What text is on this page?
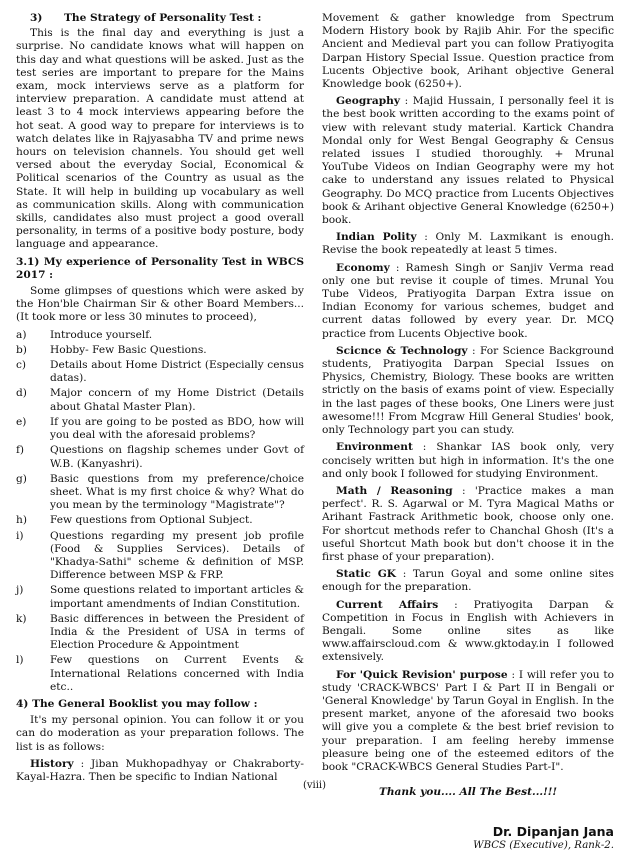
3) The Strategy of Personality Test :

This is the final day and everything is just a surprise. No candidate knows what will happen on this day and what questions will be asked. Just as the test series are important to prepare for the Mains exam, mock interviews serve as a platform for interview preparation. A candidate must attend at least 3 to 4 mock interviews appearing before the hot seat. A good way to prepare for interviews is to watch delates like in Rajyasabha TV and prime news hours on television channels. You should get well versed about the everyday Social, Economical & Political scenarios of the Country as usual as the State. It will help in building up vocabulary as well as communication skills. Along with communication skills, candidates also must project a good overall personality, in terms of a positive body posture, body language and appearance.

3.1) My experience of Personality Test in WBCS 2017 :

Some glimpses of questions which were asked by the Hon'ble Chairman Sir & other Board Members... (It took more or less 30 minutes to proceed),

a)	Introduce yourself.
b)	Hobby- Few Basic Questions.
c)	Details about Home District (Especially census datas).
d)	Major concern of my Home District (Details about Ghatal Master Plan).
e)	If you are going to be posted as BDO, how will you deal with the aforesaid problems?
f)	Questions on flagship schemes under Govt of W.B. (Kanyashri).
g)	Basic questions from my preference/choice sheet. What is my first choice & why? What do you mean by the terminology "Magistrate"?
h)	Few questions from Optional Subject.
i)	Questions regarding my present job profile (Food & Supplies Services). Details of "Khadya-Sathi" scheme & definition of MSP. Difference between MSP & FRP.
j)	Some questions related to important articles & important amendments of Indian Constitution.
k)	Basic differences in between the President of India & the President of USA in terms of Election Procedure & Appointment
l)	Few questions on Current Events & International Relations concerned with India etc..
4) The General Booklist you may follow :

It's my personal opinion. You can follow it or you can do moderation as your preparation follows. The list is as follows:

History : Jiban Mukhopadhyay or Chakraborty-Kayal-Hazra. Then be specific to Indian National

Movement & gather knowledge from Spectrum Modern History book by Rajib Ahir. For the specific Ancient and Medieval part you can follow Pratiyogita Darpan History Special Issue. Question practice from Lucents Objective book, Arihant objective General Knowledge book (6250+).

Geography : Majid Hussain, I personally feel it is the best book written according to the exams point of view with relevant study material. Kartick Chandra Mondal only for West Bengal Geography & Census related issues I studied thoroughly. + Mrunal YouTube Videos on Indian Geography were my hot cake to understand any issues related to Physical Geography. Do MCQ practice from Lucents Objectives book & Arihant objective General Knowledge (6250+) book.

Indian Polity : Only M. Laxmikant is enough. Revise the book repeatedly at least 5 times.

Economy : Ramesh Singh or Sanjiv Verma read only one but revise it couple of times. Mrunal You Tube Videos, Pratiyogita Darpan Extra issue on Indian Economy for various schemes, budget and current datas followed by every year. Dr. MCQ practice from Lucents Objective book.

Scicnce & Technology : For Science Background students, Pratiyogita Darpan Special Issues on Physics, Chemistry, Biology. These books are written strictly on the basis of exams point of view. Especially in the last pages of these books, One Liners were just awesome!!! From Mcgraw Hill General Studies' book, only Technology part you can study.

Environment : Shankar IAS book only, very concisely written but high in information. It's the one and only book I followed for studying Environment.

Math / Reasoning : 'Practice makes a man perfect'. R. S. Agarwal or M. Tyra Magical Maths or Arihant Fastrack Arithmetic book, choose only one. For shortcut methods refer to Chanchal Ghosh (It's a useful Shortcut Math book but don't choose it in the first phase of your preparation).

Static GK : Tarun Goyal and some online sites enough for the preparation.

Current Affairs : Pratiyogita Darpan & Competition in Focus in English with Achievers in Bengali. Some online sites as like www.affairscloud.com & www.gktoday.in I followed extensively.

For 'Quick Revision' purpose : I will refer you to study 'CRACK-WBCS' Part I & Part II in Bengali or 'General Knowledge' by Tarun Goyal in English. In the present market, anyone of the aforesaid two books will give you a complete & the best brief revision to your preparation. I am feeling hereby immense pleasure being one of the esteemed editors of the book "CRACK-WBCS General Studies Part-I".

Thank you.... All The Best...!!!

Dr. Dipanjan Jana
WBCS (Executive), Rank-2.
(viii)
